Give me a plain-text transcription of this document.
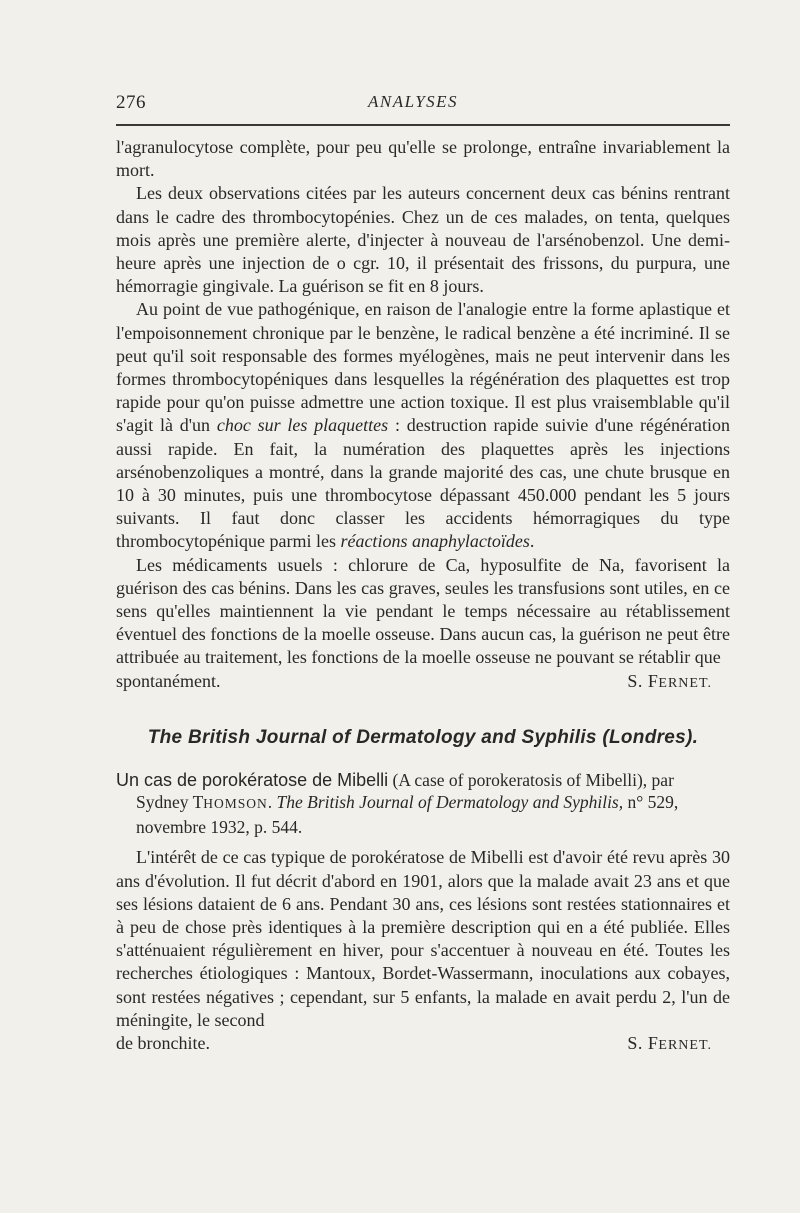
276	ANALYSES

l'agranulocytose complète, pour peu qu'elle se prolonge, entraîne invariablement la mort.

Les deux observations citées par les auteurs concernent deux cas bénins rentrant dans le cadre des thrombocytopénies. Chez un de ces malades, on tenta, quelques mois après une première alerte, d'injecter à nouveau de l'arsénobenzol. Une demi-heure après une injection de o cgr. 10, il présentait des frissons, du purpura, une hémorragie gingivale. La guérison se fit en 8 jours.

Au point de vue pathogénique, en raison de l'analogie entre la forme aplastique et l'empoisonnement chronique par le benzène, le radical benzène a été incriminé. Il se peut qu'il soit responsable des formes myélogènes, mais ne peut intervenir dans les formes thrombocytopéniques dans lesquelles la régénération des plaquettes est trop rapide pour qu'on puisse admettre une action toxique. Il est plus vraisemblable qu'il s'agit là d'un choc sur les plaquettes : destruction rapide suivie d'une régénération aussi rapide. En fait, la numération des plaquettes après les injections arsénobenzoliques a montré, dans la grande majorité des cas, une chute brusque en 10 à 30 minutes, puis une thrombocytose dépassant 450.000 pendant les 5 jours suivants. Il faut donc classer les accidents hémorragiques du type thrombocytopénique parmi les réactions anaphylactoïdes.

Les médicaments usuels : chlorure de Ca, hyposulfite de Na, favorisent la guérison des cas bénins. Dans les cas graves, seules les transfusions sont utiles, en ce sens qu'elles maintiennent la vie pendant le temps nécessaire au rétablissement éventuel des fonctions de la moelle osseuse. Dans aucun cas, la guérison ne peut être attribuée au traitement, les fonctions de la moelle osseuse ne pouvant se rétablir que

spontanément.	S. FERNET.
The British Journal of Dermatology and Syphilis (Londres).

Un cas de porokératose de Mibelli (A case of porokeratosis of Mibelli), par Sydney THOMSON. The British Journal of Dermatology and Syphilis, n° 529, novembre 1932, p. 544.

L'intérêt de ce cas typique de porokératose de Mibelli est d'avoir été revu après 30 ans d'évolution. Il fut décrit d'abord en 1901, alors que la malade avait 23 ans et que ses lésions dataient de 6 ans. Pendant 30 ans, ces lésions sont restées stationnaires et à peu de chose près identiques à la première description qui en a été publiée. Elles s'atténuaient régulièrement en hiver, pour s'accentuer à nouveau en été. Toutes les recherches étiologiques : Mantoux, Bordet-Wassermann, inoculations aux cobayes, sont restées négatives ; cependant, sur 5 enfants, la malade en avait perdu 2, l'un de méningite, le second

de bronchite.	S. FERNET.
